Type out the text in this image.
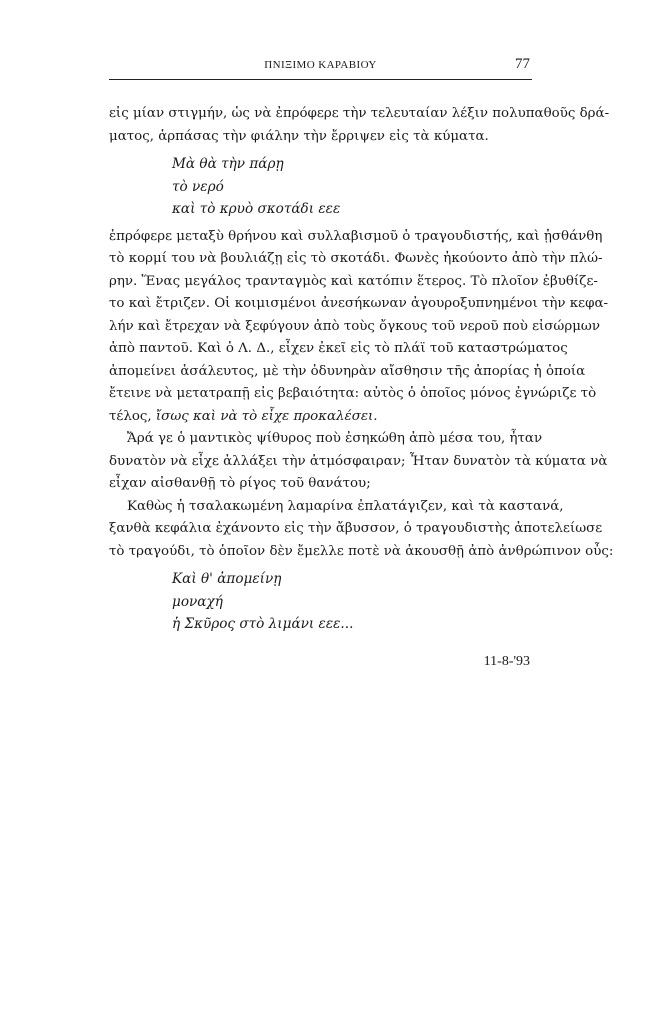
ΠΝΙΞΙΜΟ ΚΑΡΑΒΙΟΥ	77
εἰς μίαν στιγμήν, ὡς νὰ ἐπρόφερε τὴν τελευταίαν λέξιν πολυπαθοῦς δρά-
ματος, ἁρπάσας τὴν φιάλην τὴν ἔρριψεν εἰς τὰ κύματα.
Μὰ θὰ τὴν πάρῃ
τὸ νερό
καὶ τὸ κρυὸ σκοτάδι εεε
ἐπρόφερε μεταξὺ θρήνου καὶ συλλαβισμοῦ ὁ τραγουδιστής, καὶ ᾐσθάνθη
τὸ κορμί του νὰ βουλιάζῃ εἰς τὸ σκοτάδι. Φωνὲς ἠκούοντο ἀπὸ τὴν πλώ-
ρην. Ἕνας μεγάλος τρανταγμὸς καὶ κατόπιν ἕτερος. Τὸ πλοῖον ἐβυθίζε-
το καὶ ἔτριζεν. Οἱ κοιμισμένοι ἀνεσήκωναν ἀγουροξυπνημένοι τὴν κεφα-
λήν καὶ ἔτρεχαν νὰ ξεφύγουν ἀπὸ τοὺς ὄγκους τοῦ νεροῦ ποὺ εἰσώρμων
ἀπὸ παντοῦ. Καὶ ὁ Λ. Δ., εἶχεν ἐκεῖ εἰς τὸ πλάϊ τοῦ καταστρώματος
ἀπομείνει ἀσάλευτος, μὲ τὴν ὀδυνηρὰν αἴσθησιν τῆς ἀπορίας ἡ ὁποία
ἔτεινε νὰ μετατραπῇ εἰς βεβαιότητα: αὐτὸς ὁ ὁποῖος μόνος ἐγνώριζε τὸ
τέλος, ἴσως καὶ νὰ τὸ εἶχε προκαλέσει.
Ἄρά γε ὁ μαντικὸς ψίθυρος ποὺ ἐσηκώθη ἀπὸ μέσα του, ἦταν
δυνατὸν νὰ εἶχε ἀλλάξει τὴν ἀτμόσφαιραν; Ἦταν δυνατὸν τὰ κύματα νὰ
εἶχαν αἰσθανθῇ τὸ ρίγος τοῦ θανάτου;
Καθὼς ἡ τσαλακωμένη λαμαρίνα ἐπλατάγιζεν, καὶ τὰ καστανά,
ξανθὰ κεφάλια ἐχάνοντο εἰς τὴν ἄβυσσον, ὁ τραγουδιστὴς ἀποτελείωσε
τὸ τραγούδι, τὸ ὁποῖον δὲν ἔμελλε ποτὲ νὰ ἀκουσθῇ ἀπὸ ἀνθρώπινον οὖς:
Καὶ θ' ἀπομείνῃ
μοναχή
ἡ Σκῦρος στὸ λιμάνι εεε...
11-8-'93
